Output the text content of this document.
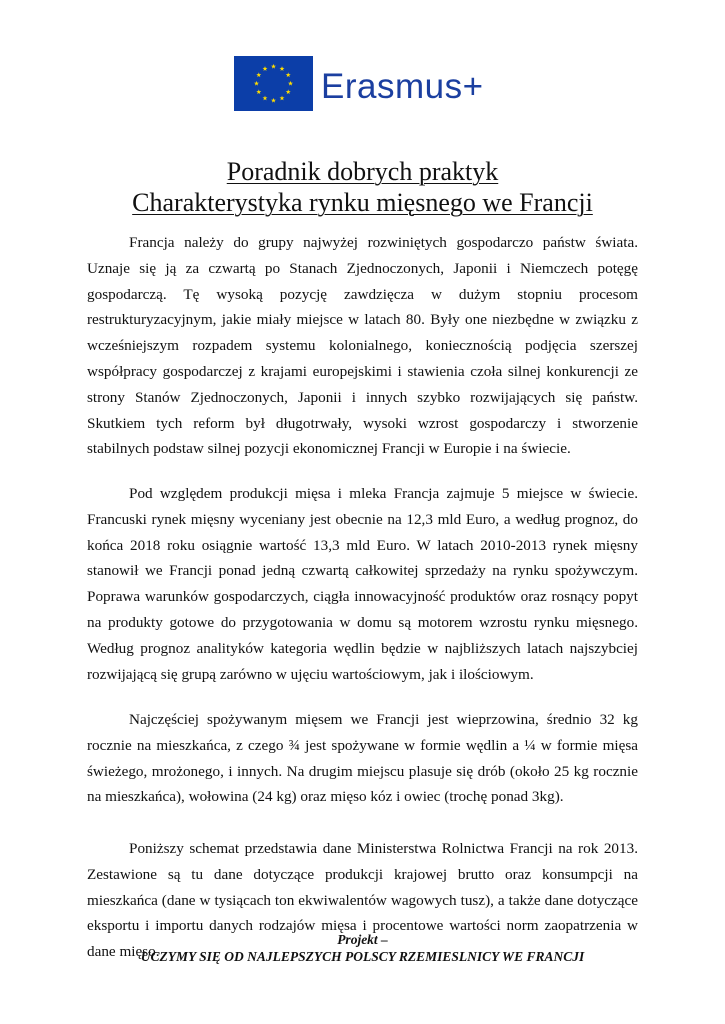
Erasmus+
Poradnik dobrych praktyk
Charakterystyka rynku mięsnego we Francji

Francja należy do grupy najwyżej rozwiniętych gospodarczo państw świata. Uznaje się ją za czwartą po Stanach Zjednoczonych, Japonii i Niemczech potęgę gospodarczą. Tę wysoką pozycję zawdzięcza w dużym stopniu procesom restrukturyzacyjnym, jakie miały miejsce w latach 80. Były one niezbędne w związku z wcześniejszym rozpadem systemu kolonialnego, koniecznością podjęcia szerszej współpracy gospodarczej z krajami europejskimi i stawienia czoła silnej konkurencji ze strony Stanów Zjednoczonych, Japonii i innych szybko rozwijających się państw. Skutkiem tych reform był długotrwały, wysoki wzrost gospodarczy i stworzenie stabilnych podstaw silnej pozycji ekonomicznej Francji w Europie i na świecie.

Pod względem produkcji mięsa i mleka Francja zajmuje 5 miejsce w świecie. Francuski rynek mięsny wyceniany jest obecnie na 12,3 mld Euro, a według prognoz, do końca 2018 roku osiągnie wartość 13,3 mld Euro. W latach 2010-2013 rynek mięsny stanowił we Francji ponad jedną czwartą całkowitej sprzedaży na rynku spożywczym. Poprawa warunków gospodarczych, ciągła innowacyjność produktów oraz rosnący popyt na produkty gotowe do przygotowania w domu są motorem wzrostu rynku mięsnego. Według prognoz analityków kategoria wędlin będzie w najbliższych latach najszybciej rozwijającą się grupą zarówno w ujęciu wartościowym, jak i ilościowym.

Najczęściej spożywanym mięsem we Francji jest wieprzowina, średnio 32 kg rocznie na mieszkańca, z czego ¾ jest spożywane w formie wędlin a ¼ w formie mięsa świeżego, mrożonego, i innych. Na drugim miejscu plasuje się drób (około 25 kg rocznie na mieszkańca), wołowina (24 kg) oraz mięso kóz i owiec (trochę ponad 3kg).

Poniższy schemat przedstawia dane Ministerstwa Rolnictwa Francji na rok 2013. Zestawione są tu dane dotyczące produkcji krajowej brutto oraz konsumpcji na mieszkańca (dane w tysiącach ton ekwiwalentów wagowych tusz), a także dane dotyczące eksportu i importu danych rodzajów mięsa i procentowe wartości norm zaopatrzenia w dane mięso.

Projekt –
UCZYMY SIĘ OD NAJLEPSZYCH POLSCY RZEMIESLNICY WE FRANCJI
